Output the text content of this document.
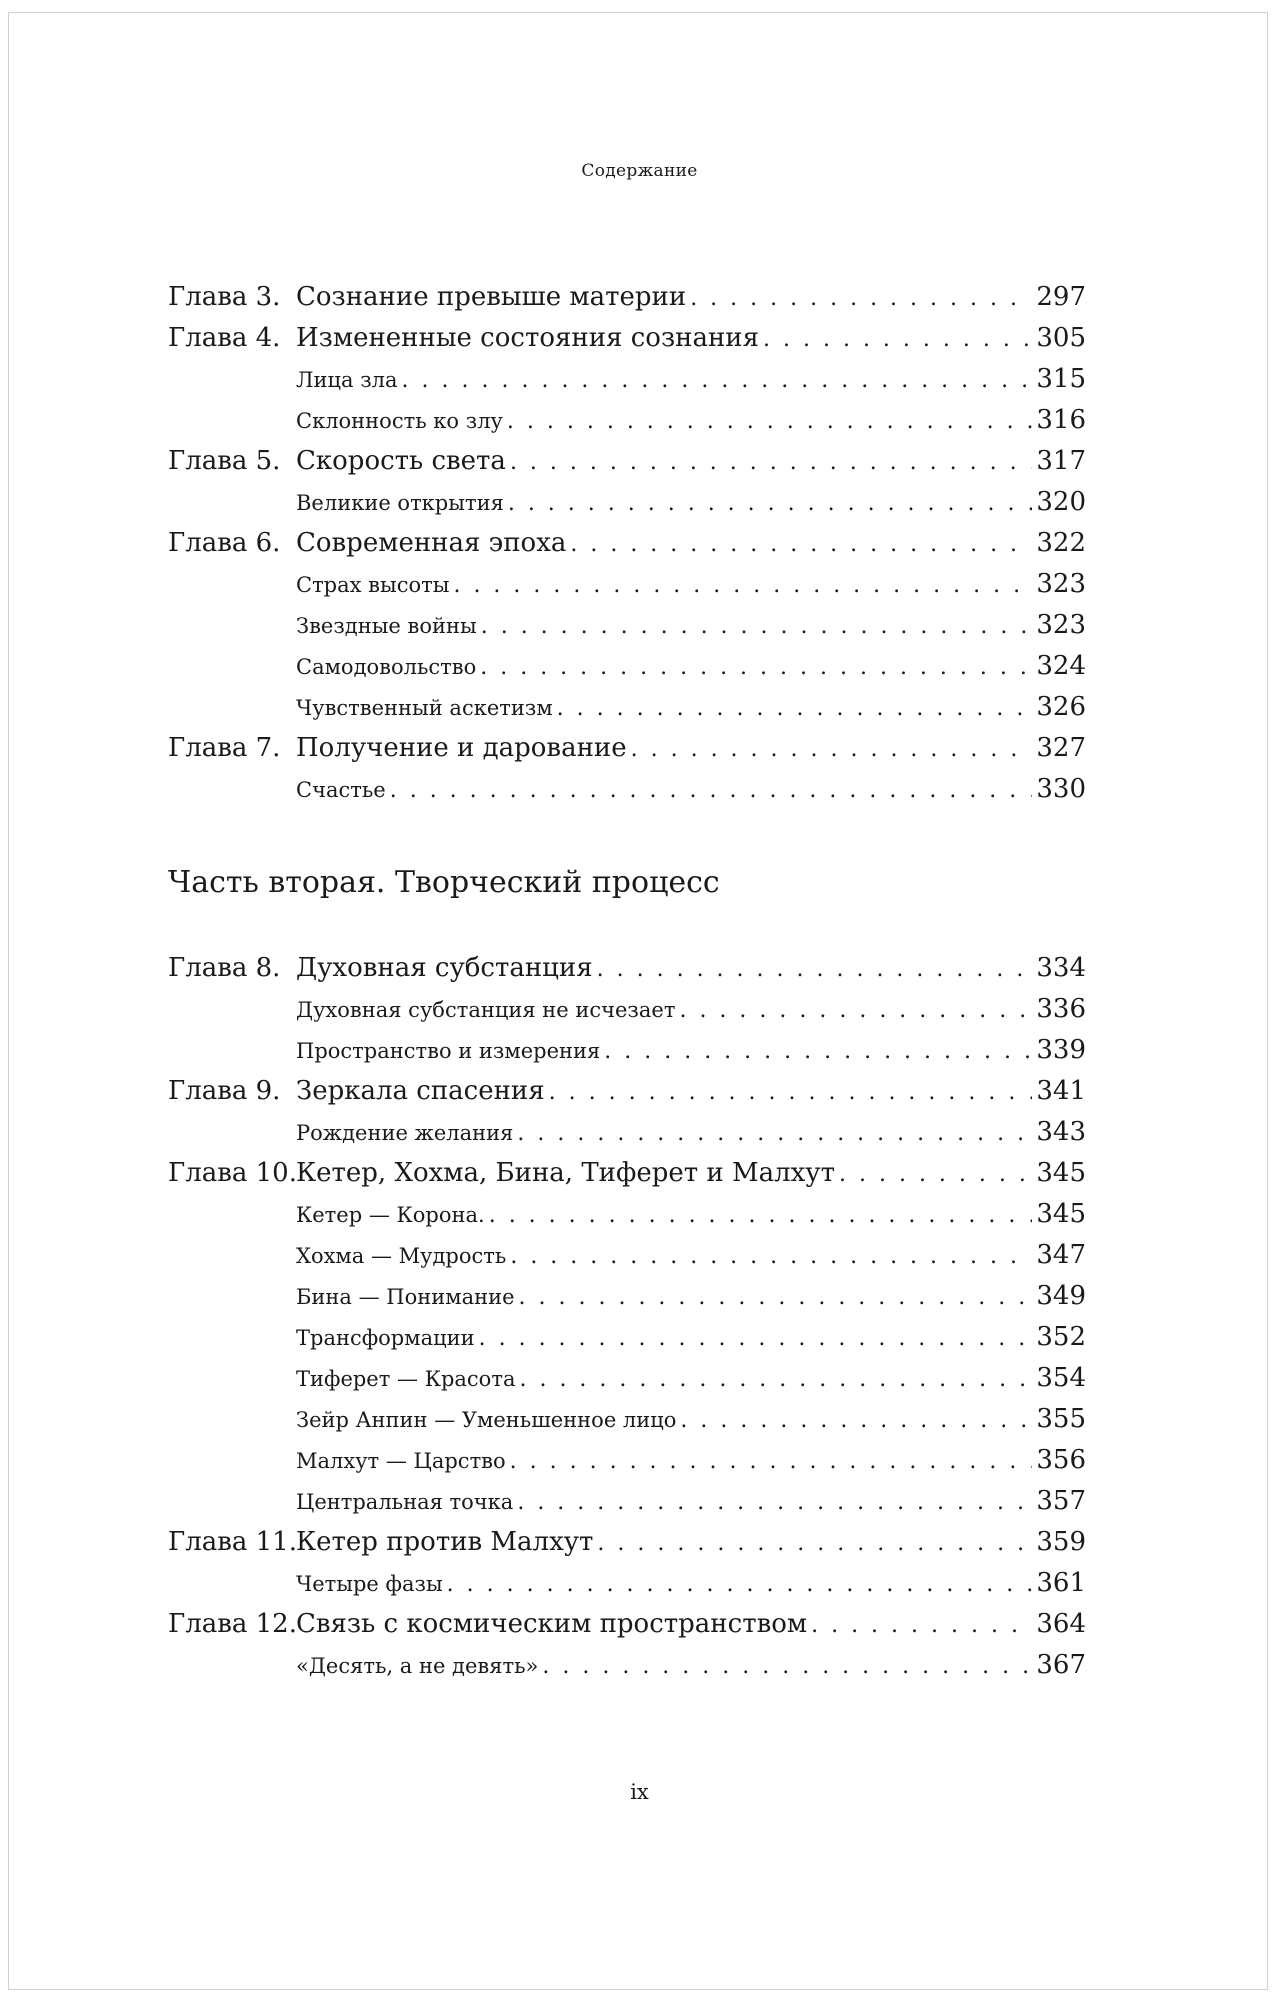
Содержание
Глава 3. Сознание превыше материи . . .	297
Глава 4. Измененные состояния сознания . . .	305
Лица зла . . .	315
Склонность ко злу . . .	316
Глава 5. Скорость света . . .	317
Великие открытия . . .	320
Глава 6. Современная эпоха . . .	322
Страх высоты . . .	323
Звездные войны . . .	323
Самодовольство . . .	324
Чувственный аскетизм . . .	326
Глава 7. Получение и дарование . . .	327
Счастье . . .	330
Часть вторая. Творческий процесс
Глава 8. Духовная субстанция . . .	334
Духовная субстанция не исчезает . . .	336
Пространство и измерения . . .	339
Глава 9. Зеркала спасения . . .	341
Рождение желания . . .	343
Глава 10. Кетер, Хохма, Бина, Тиферет и Малхут . . .	345
Кетер — Корона. . . .	345
Хохма — Мудрость . . .	347
Бина — Понимание . . .	349
Трансформации . . .	352
Тиферет — Красота . . .	354
Зейр Анпин — Уменьшенное лицо . . .	355
Малхут — Царство . . .	356
Центральная точка . . .	357
Глава 11. Кетер против Малхут . . .	359
Четыре фазы . . .	361
Глава 12. Связь с космическим пространством . . .	364
«Десять, а не девять» . . .	367
ix
